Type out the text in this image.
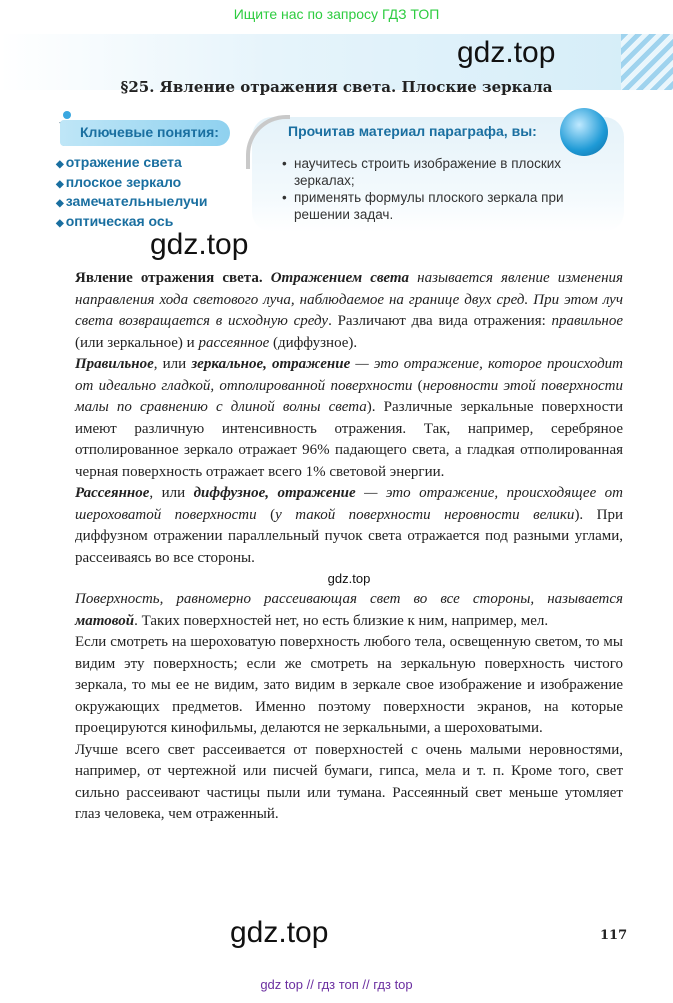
Ищите нас по запросу ГДЗ ТОП
gdz.top
§25. Явление отражения света. Плоские зеркала
Ключевые понятия:
◆ отражение света
◆ плоское зеркало
◆ замечательныелучи
◆ оптическая ось
Прочитав материал параграфа, вы:
• научитесь строить изображение в плоских зеркалах;
• применять формулы плоского зеркала при решении задач.
gdz.top

Явление отражения света. Отражением света называется явление изменения направления хода светового луча, наблюдаемое на границе двух сред. При этом луч света возвращается в исходную среду. Различают два вида отражения: правильное (или зеркальное) и рассеянное (диффузное).

Правильное, или зеркальное, отражение — это отражение, которое происходит от идеально гладкой, отполированной поверхности (неровности этой поверхности малы по сравнению с длиной волны света). Различные зеркальные поверхности имеют различную интенсивность отражения. Так, например, серебряное отполированное зеркало отражает 96% падающего света, а гладкая отполированная черная поверхность отражает всего 1% световой энергии.

Рассеянное, или диффузное, отражение — это отражение, происходящее от шероховатой поверхности (у такой поверхности неровности велики). При диффузном отражении параллельный пучок света отражается под разными углами, рассеиваясь во все стороны.

gdz.top

Поверхность, равномерно рассеивающая свет во все стороны, называется матовой. Таких поверхностей нет, но есть близкие к ним, например, мел.

Если смотреть на шероховатую поверхность любого тела, освещенную светом, то мы видим эту поверхность; если же смотреть на зеркальную поверхность чистого зеркала, то мы ее не видим, зато видим в зеркале свое изображение и изображение окружающих предметов. Именно поэтому поверхности экранов, на которые проецируются кинофильмы, делаются не зеркальными, а шероховатыми.

Лучше всего свет рассеивается от поверхностей с очень малыми неровностями, например, от чертежной или писчей бумаги, гипса, мела и т. п. Кроме того, свет сильно рассеивают частицы пыли или тумана. Рассеянный свет меньше утомляет глаз человека, чем отраженный.

gdz.top	117
gdz top // гдз топ // гдз top
